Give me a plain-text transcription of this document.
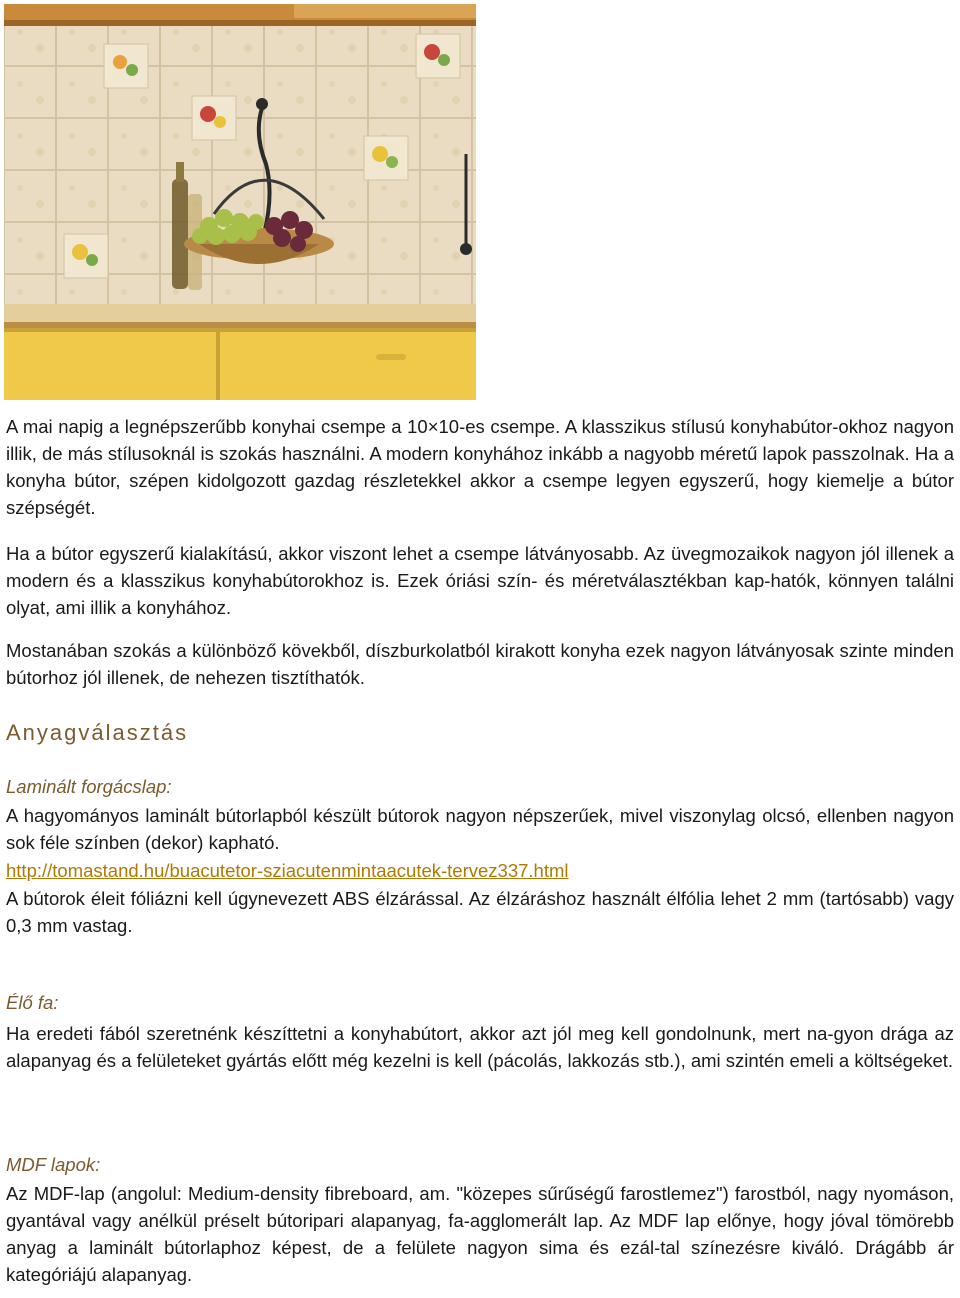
A mai napig a legnépszerűbb konyhai csempe a 10×10-es csempe. A klasszikus stílusú konyhabútor-okhoz nagyon illik, de más stílusoknál is szokás használni. A modern konyhához inkább a nagyobb méretű lapok passzolnak. Ha a konyha bútor, szépen kidolgozott gazdag részletekkel akkor a csempe legyen egyszerű, hogy kiemelje a bútor szépségét.
Ha a bútor egyszerű kialakítású, akkor viszont lehet a csempe látványosabb. Az üvegmozaikok nagyon jól illenek a modern és a klasszikus konyhabútorokhoz is. Ezek óriási szín- és méretválasztékban kap-hatók, könnyen találni olyat, ami illik a konyhához.
Mostanában szokás a különböző kövekből, díszburkolatból kirakott konyha ezek nagyon látványosak szinte minden bútorhoz jól illenek, de nehezen tisztíthatók.
Anyagválasztás
Laminált forgácslap:
A hagyományos laminált bútorlapból készült bútorok nagyon népszerűek, mivel viszonylag olcsó, ellenben nagyon sok féle színben (dekor) kapható.
http://tomastand.hu/buacutetor-sziacutenmintaacutek-tervez337.html
A bútorok éleit fóliázni kell úgynevezett ABS élzárással. Az élzáráshoz használt élfólia lehet 2 mm (tartósabb) vagy 0,3 mm vastag.
Élő fa:
Ha eredeti fából szeretnénk készíttetni a konyhabútort, akkor azt jól meg kell gondolnunk, mert na-gyon drága az alapanyag és a felületeket gyártás előtt még kezelni is kell (pácolás, lakkozás stb.), ami szintén emeli a költségeket.
MDF lapok:
Az MDF-lap (angolul: Medium-density fibreboard, am. "közepes sűrűségű farostlemez") farostból, nagy nyomáson, gyantával vagy anélkül préselt bútoripari alapanyag, fa-agglomerált lap. Az MDF lap előnye, hogy jóval tömörebb anyag a laminált bútorlaphoz képest, de a felülete nagyon sima és ezál-tal színezésre kiváló. Drágább ár kategóriájú alapanyag.
